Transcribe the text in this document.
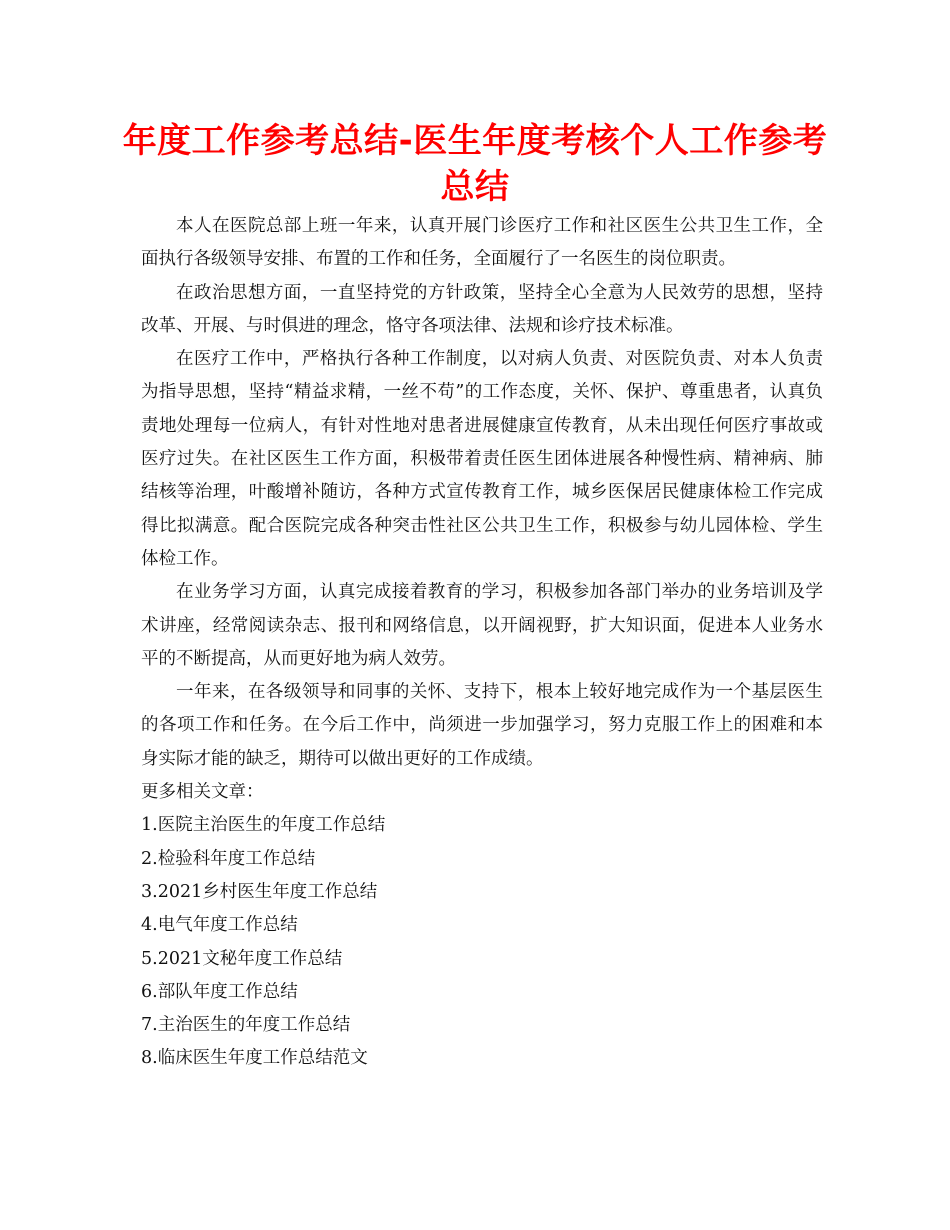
年度工作参考总结-医生年度考核个人工作参考总结

本人在医院总部上班一年来，认真开展门诊医疗工作和社区医生公共卫生工作，全面执行各级领导安排、布置的工作和任务，全面履行了一名医生的岗位职责。

在政治思想方面，一直坚持党的方针政策，坚持全心全意为人民效劳的思想，坚持改革、开展、与时俱进的理念，恪守各项法律、法规和诊疗技术标准。

在医疗工作中，严格执行各种工作制度，以对病人负责、对医院负责、对本人负责为指导思想，坚持“精益求精，一丝不苟”的工作态度，关怀、保护、尊重患者，认真负责地处理每一位病人，有针对性地对患者进展健康宣传教育，从未出现任何医疗事故或医疗过失。在社区医生工作方面，积极带着责任医生团体进展各种慢性病、精神病、肺结核等治理，叶酸增补随访，各种方式宣传教育工作，城乡医保居民健康体检工作完成得比拟满意。配合医院完成各种突击性社区公共卫生工作，积极参与幼儿园体检、学生体检工作。

在业务学习方面，认真完成接着教育的学习，积极参加各部门举办的业务培训及学术讲座，经常阅读杂志、报刊和网络信息，以开阔视野，扩大知识面，促进本人业务水平的不断提高，从而更好地为病人效劳。

一年来，在各级领导和同事的关怀、支持下，根本上较好地完成作为一个基层医生的各项工作和任务。在今后工作中，尚须进一步加强学习，努力克服工作上的困难和本身实际才能的缺乏，期待可以做出更好的工作成绩。

更多相关文章：

1.医院主治医生的年度工作总结
2.检验科年度工作总结
3.2021乡村医生年度工作总结
4.电气年度工作总结
5.2021文秘年度工作总结
6.部队年度工作总结
7.主治医生的年度工作总结
8.临床医生年度工作总结范文
